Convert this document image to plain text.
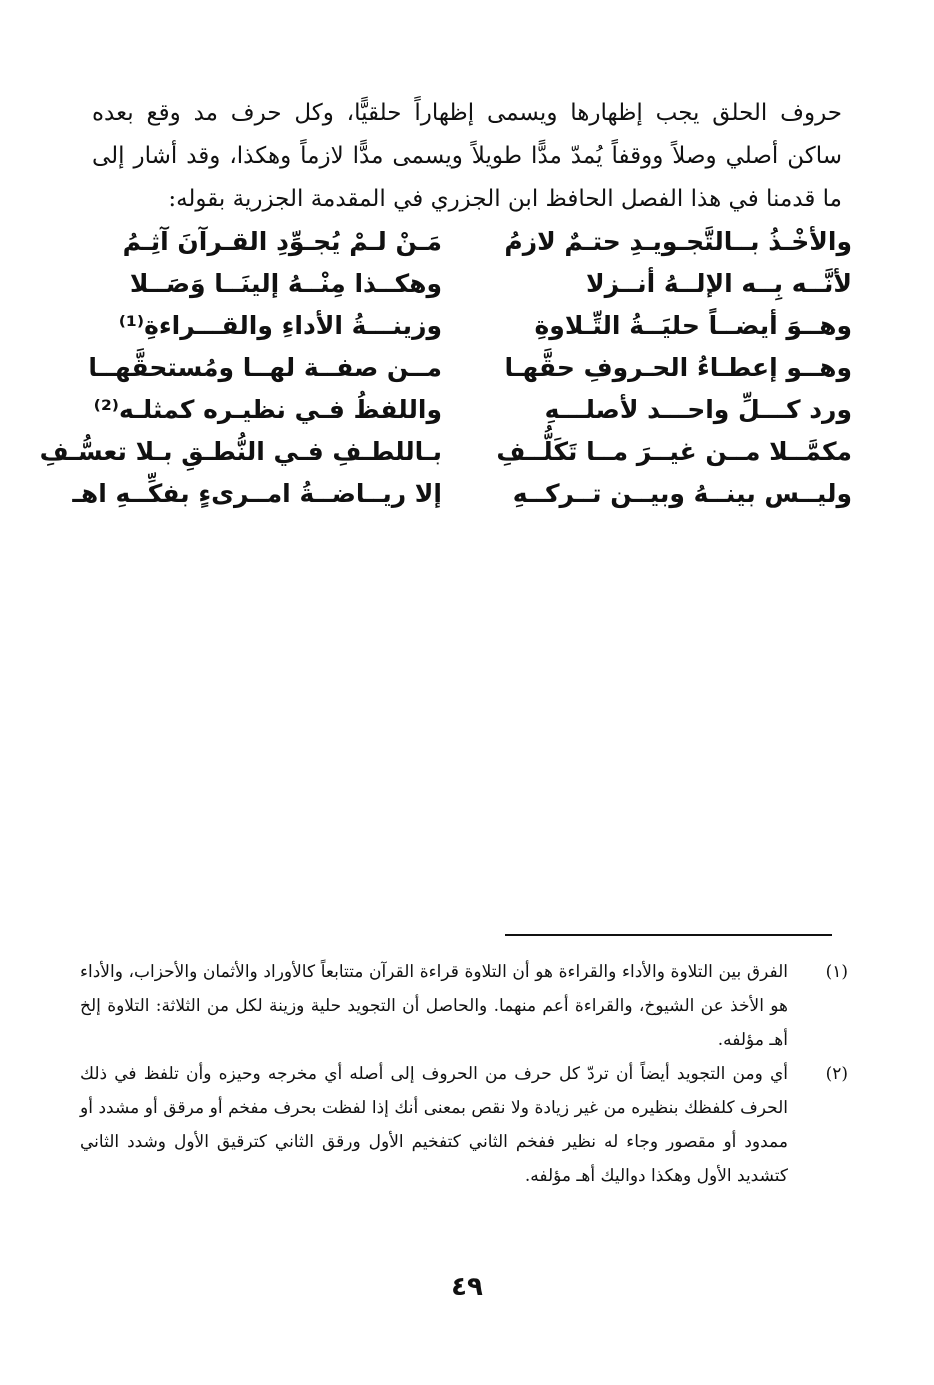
حروف الحلق يجب إظهارها ويسمى إظهاراً حلقيًّا، وكل حرف مد وقع بعده ساكن أصلي وصلاً ووقفاً يُمدّ مدًّا طويلاً ويسمى مدًّا لازماً وهكذا، وقد أشار إلى ما قدمنا في هذا الفصل الحافظ ابن الجزري في المقدمة الجزرية بقوله:
والأخْـذُ بــالتَّجـويـدِ حتـمٌ لازمُ
مَـنْ لـمْ يُجـوِّدِ القـرآنَ آثِـمُ
لأنَّــه بِــه الإلــهُ أنــزلا
وهكــذا مِنْــهُ إلينَــا وَصَــلا
وهــوَ أيضــاً حليَــةُ التِّـلاوةِ
وزينـــةُ الأداءِ والقـــراءةِ⁽¹⁾
وهــو إعطـاءُ الحـروفِ حقَّهـا
مــن صفــة لهــا ومُستحقَّهــا
ورد كـــلِّ واحـــد لأصلـــهِ
واللفظُ فـي نظيـره كمثلـه⁽²⁾
مكمَّــلا مــن غيــرَ مــا تَكَلُّــفِ
بـاللطـفِ فـي النُّطـقِ بـلا تعسُّـفِ
وليــس بينــهُ وبيــن تــركــهِ
إلا ريــاضــةُ امــرىءٍ بفكِّــهِ اهـ
(١)
الفرق بين التلاوة والأداء والقراءة هو أن التلاوة قراءة القرآن متتابعاً كالأوراد والأثمان والأحزاب، والأداء هو الأخذ عن الشيوخ، والقراءة أعم منهما. والحاصل أن التجويد حلية وزينة لكل من الثلاثة: التلاوة إلخ أهـ مؤلفه.
(٢)
أي ومن التجويد أيضاً أن تردّ كل حرف من الحروف إلى أصله أي مخرجه وحيزه وأن تلفظ في ذلك الحرف كلفظك بنظيره من غير زيادة ولا نقص بمعنى أنك إذا لفظت بحرف مفخم أو مرقق أو مشدد أو ممدود أو مقصور وجاء له نظير ففخم الثاني كتفخيم الأول ورقق الثاني كترقيق الأول وشدد الثاني كتشديد الأول وهكذا دواليك أهـ مؤلفه.
٤٩
